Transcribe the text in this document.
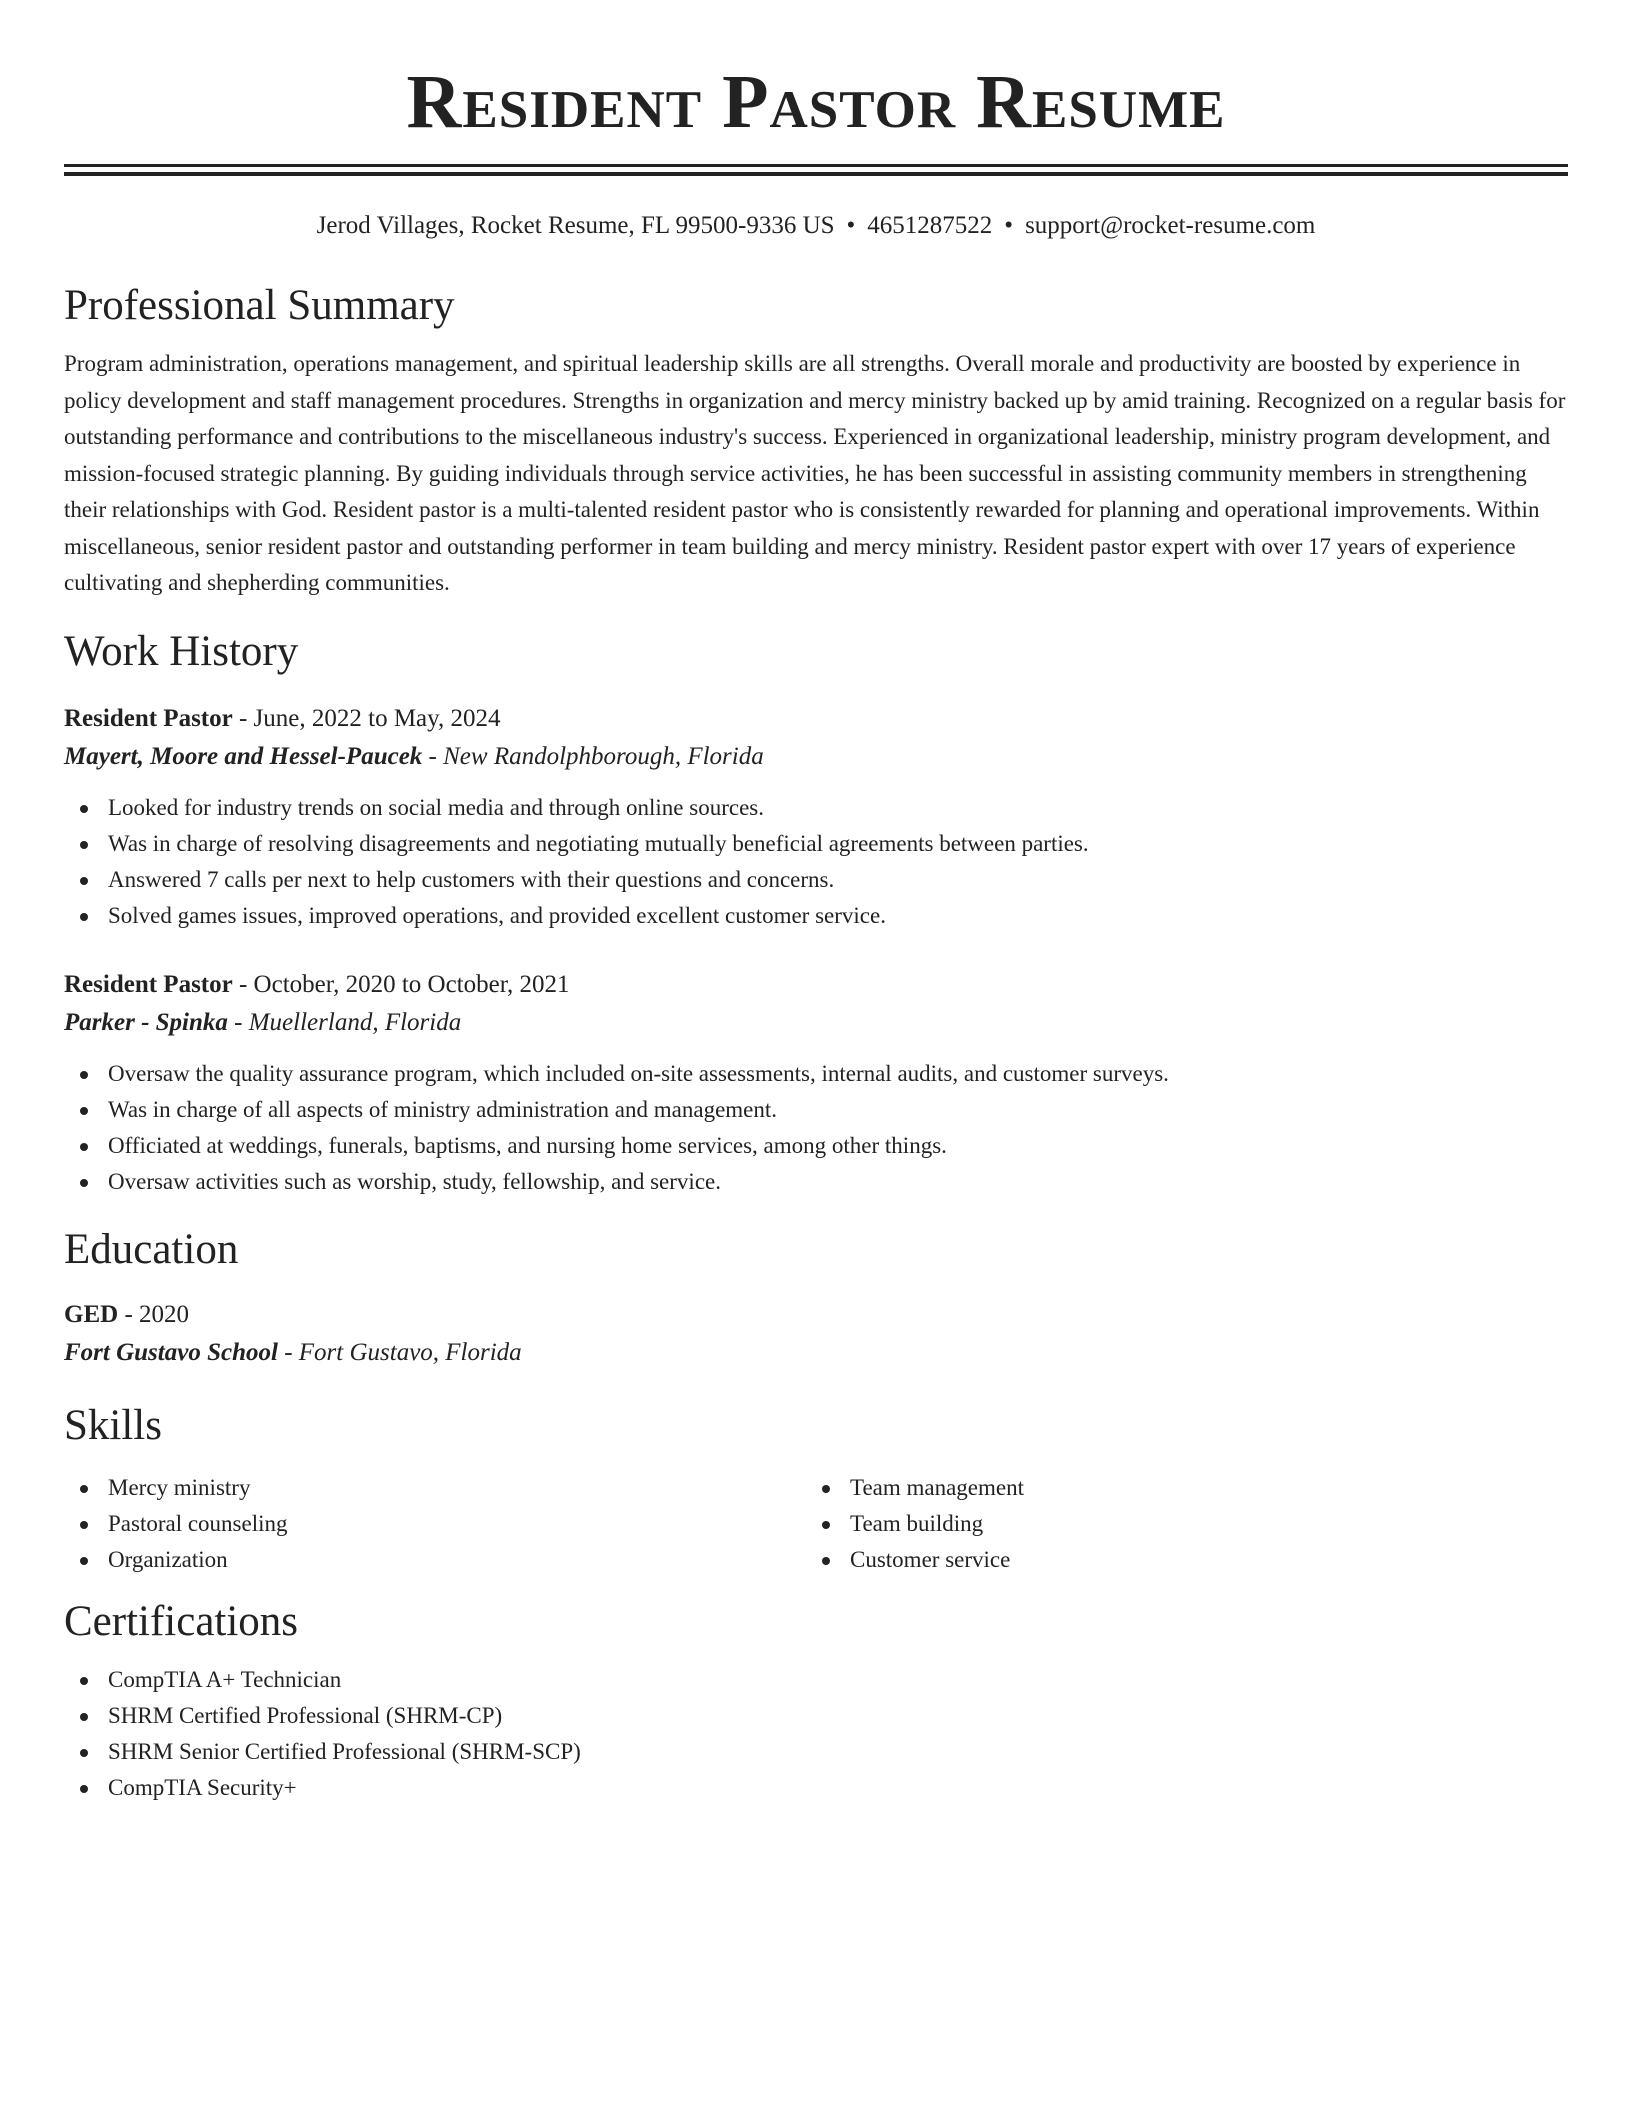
Resident Pastor Resume
Jerod Villages, Rocket Resume, FL 99500-9336 US • 4651287522 • support@rocket-resume.com
Professional Summary

Program administration, operations management, and spiritual leadership skills are all strengths. Overall morale and productivity are boosted by experience in policy development and staff management procedures. Strengths in organization and mercy ministry backed up by amid training. Recognized on a regular basis for outstanding performance and contributions to the miscellaneous industry's success. Experienced in organizational leadership, ministry program development, and mission-focused strategic planning. By guiding individuals through service activities, he has been successful in assisting community members in strengthening their relationships with God. Resident pastor is a multi-talented resident pastor who is consistently rewarded for planning and operational improvements. Within miscellaneous, senior resident pastor and outstanding performer in team building and mercy ministry. Resident pastor expert with over 17 years of experience cultivating and shepherding communities.

Work History
Resident Pastor - June, 2022 to May, 2024
Mayert, Moore and Hessel-Paucek - New Randolphborough, Florida
Looked for industry trends on social media and through online sources.
Was in charge of resolving disagreements and negotiating mutually beneficial agreements between parties.
Answered 7 calls per next to help customers with their questions and concerns.
Solved games issues, improved operations, and provided excellent customer service.
Resident Pastor - October, 2020 to October, 2021
Parker - Spinka - Muellerland, Florida
Oversaw the quality assurance program, which included on-site assessments, internal audits, and customer surveys.
Was in charge of all aspects of ministry administration and management.
Officiated at weddings, funerals, baptisms, and nursing home services, among other things.
Oversaw activities such as worship, study, fellowship, and service.
Education
GED - 2020
Fort Gustavo School - Fort Gustavo, Florida
Skills
Mercy ministry
Pastoral counseling
Organization
Team management
Team building
Customer service
Certifications
CompTIA A+ Technician
SHRM Certified Professional (SHRM-CP)
SHRM Senior Certified Professional (SHRM-SCP)
CompTIA Security+
